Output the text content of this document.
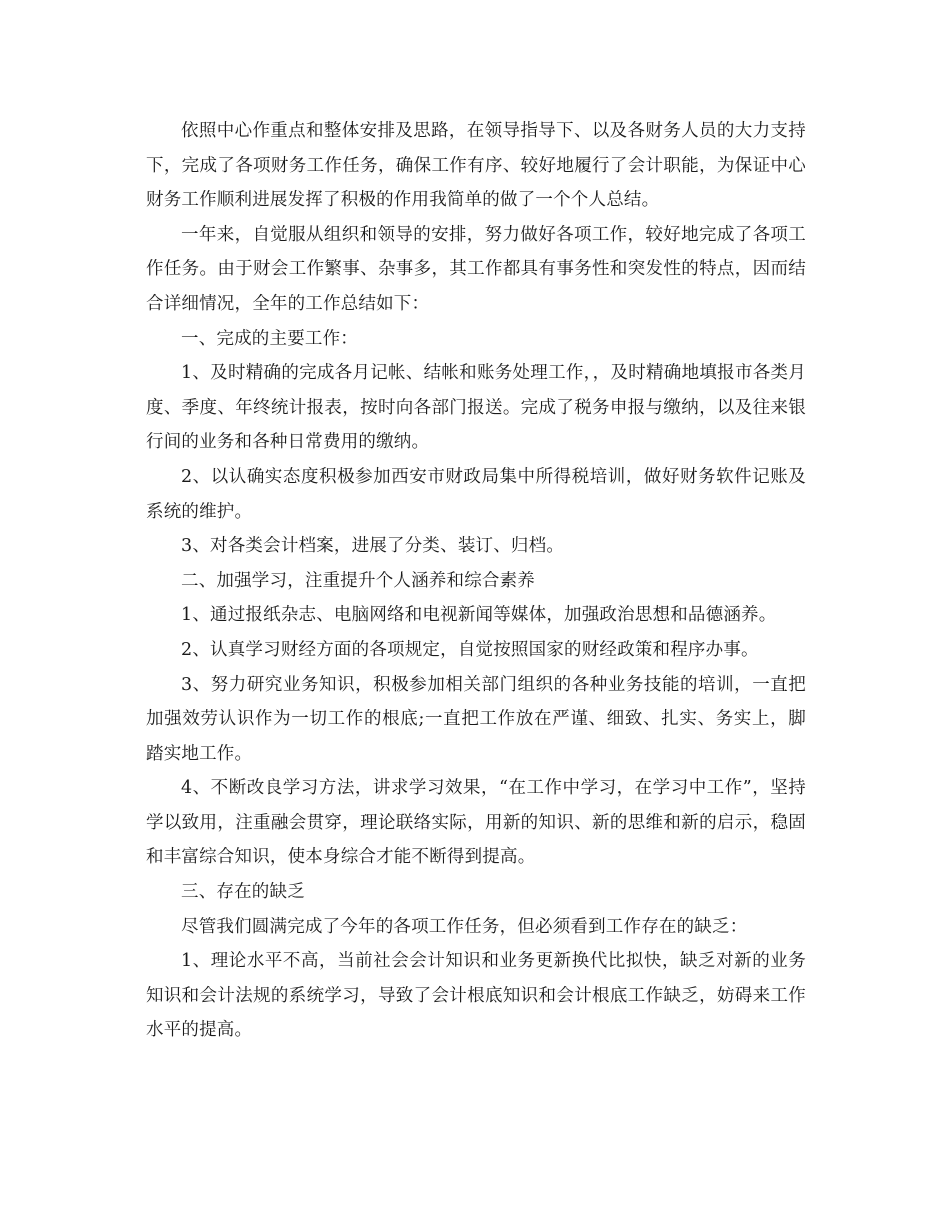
依照中心作重点和整体安排及思路，在领导指导下、以及各财务人员的大力支持下，完成了各项财务工作任务，确保工作有序、较好地履行了会计职能，为保证中心财务工作顺利进展发挥了积极的作用我简单的做了一个个人总结。

一年来，自觉服从组织和领导的安排，努力做好各项工作，较好地完成了各项工作任务。由于财会工作繁事、杂事多，其工作都具有事务性和突发性的特点，因而结合详细情况，全年的工作总结如下：

一、完成的主要工作：

1、及时精确的完成各月记帐、结帐和账务处理工作，，及时精确地填报市各类月度、季度、年终统计报表，按时向各部门报送。完成了税务申报与缴纳，以及往来银行间的业务和各种日常费用的缴纳。

2、以认确实态度积极参加西安市财政局集中所得税培训，做好财务软件记账及系统的维护。

3、对各类会计档案，进展了分类、装订、归档。

二、加强学习，注重提升个人涵养和综合素养

1、通过报纸杂志、电脑网络和电视新闻等媒体，加强政治思想和品德涵养。

2、认真学习财经方面的各项规定，自觉按照国家的财经政策和程序办事。

3、努力研究业务知识，积极参加相关部门组织的各种业务技能的培训，一直把加强效劳认识作为一切工作的根底;一直把工作放在严谨、细致、扎实、务实上，脚踏实地工作。

4、不断改良学习方法，讲求学习效果，“在工作中学习，在学习中工作”，坚持学以致用，注重融会贯穿，理论联络实际，用新的知识、新的思维和新的启示，稳固和丰富综合知识，使本身综合才能不断得到提高。

三、存在的缺乏

尽管我们圆满完成了今年的各项工作任务，但必须看到工作存在的缺乏：

1、理论水平不高，当前社会会计知识和业务更新换代比拟快，缺乏对新的业务知识和会计法规的系统学习，导致了会计根底知识和会计根底工作缺乏，妨碍来工作水平的提高。
